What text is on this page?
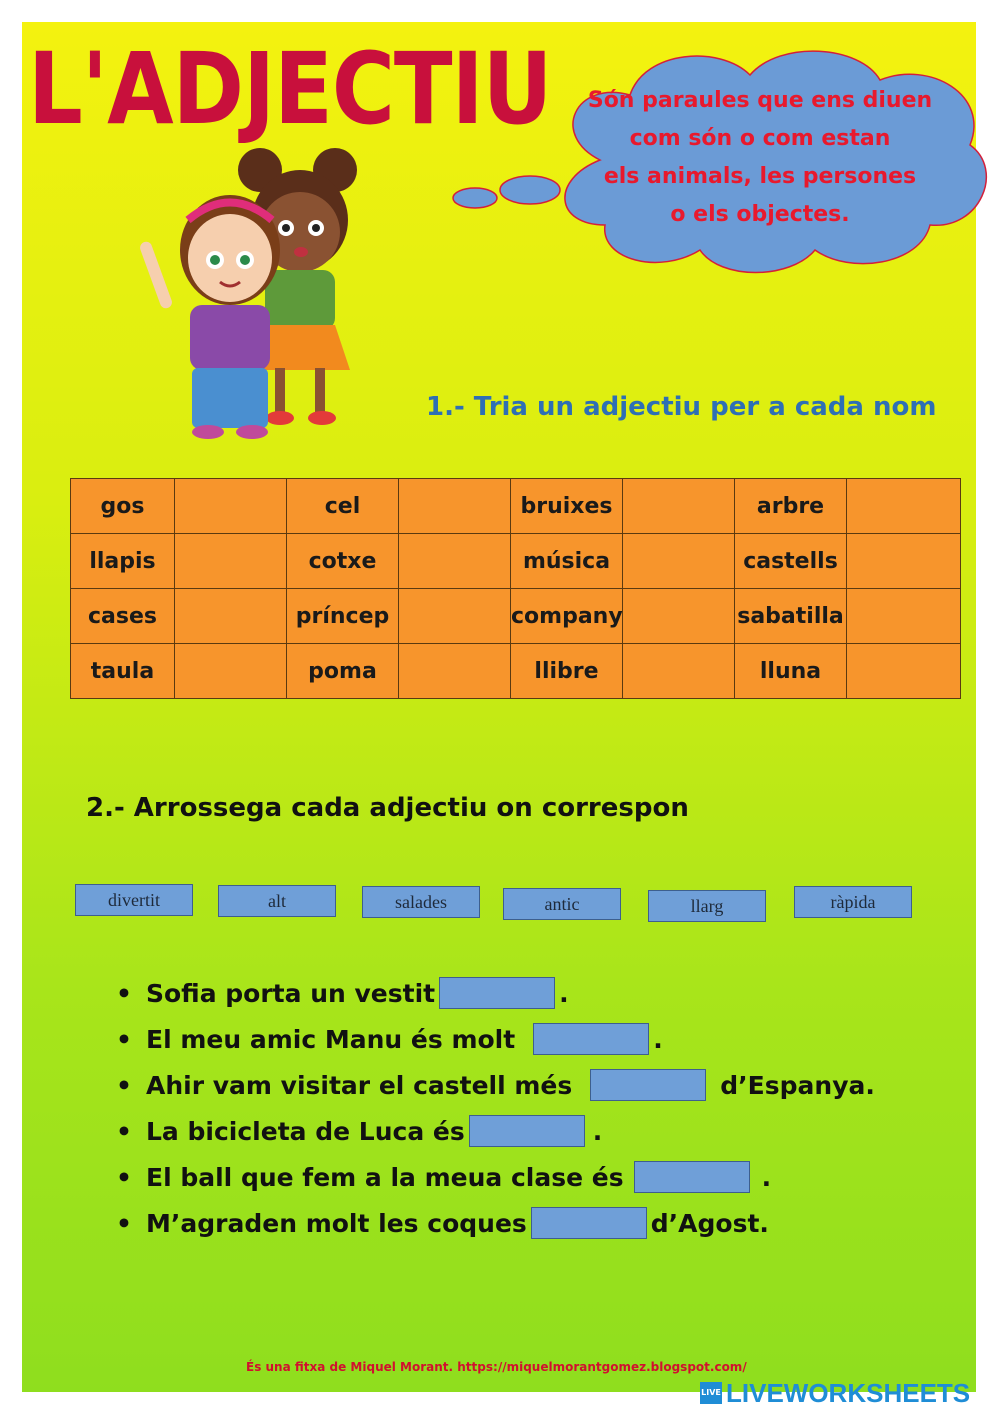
L'ADJECTIU	Són paraules que ens diuen
com són o com estan
els animals, les persones
o els objectes.
1.- Tria un adjectiu per a cada nom
gos		cel		bruixes		arbre	
llapis		cotxe		música		castells	
cases		príncep		company		sabatilla	
taula		poma		llibre		lluna	
2.- Arrossega cada adjectiu on correspon
divertit	alt	salades	antic	llarg	ràpida
• Sofia porta un vestit	.
• El meu amic Manu és molt	.
• Ahir vam visitar el castell més	d’Espanya.
• La bicicleta de Luca és	.
• El ball que fem a la meua clase és	.
• M’agraden molt les coques	d’Agost.
És una fitxa de Miquel Morant. https://miquelmorantgomez.blogspot.com/
LIVE LIVEWORKSHEETS
